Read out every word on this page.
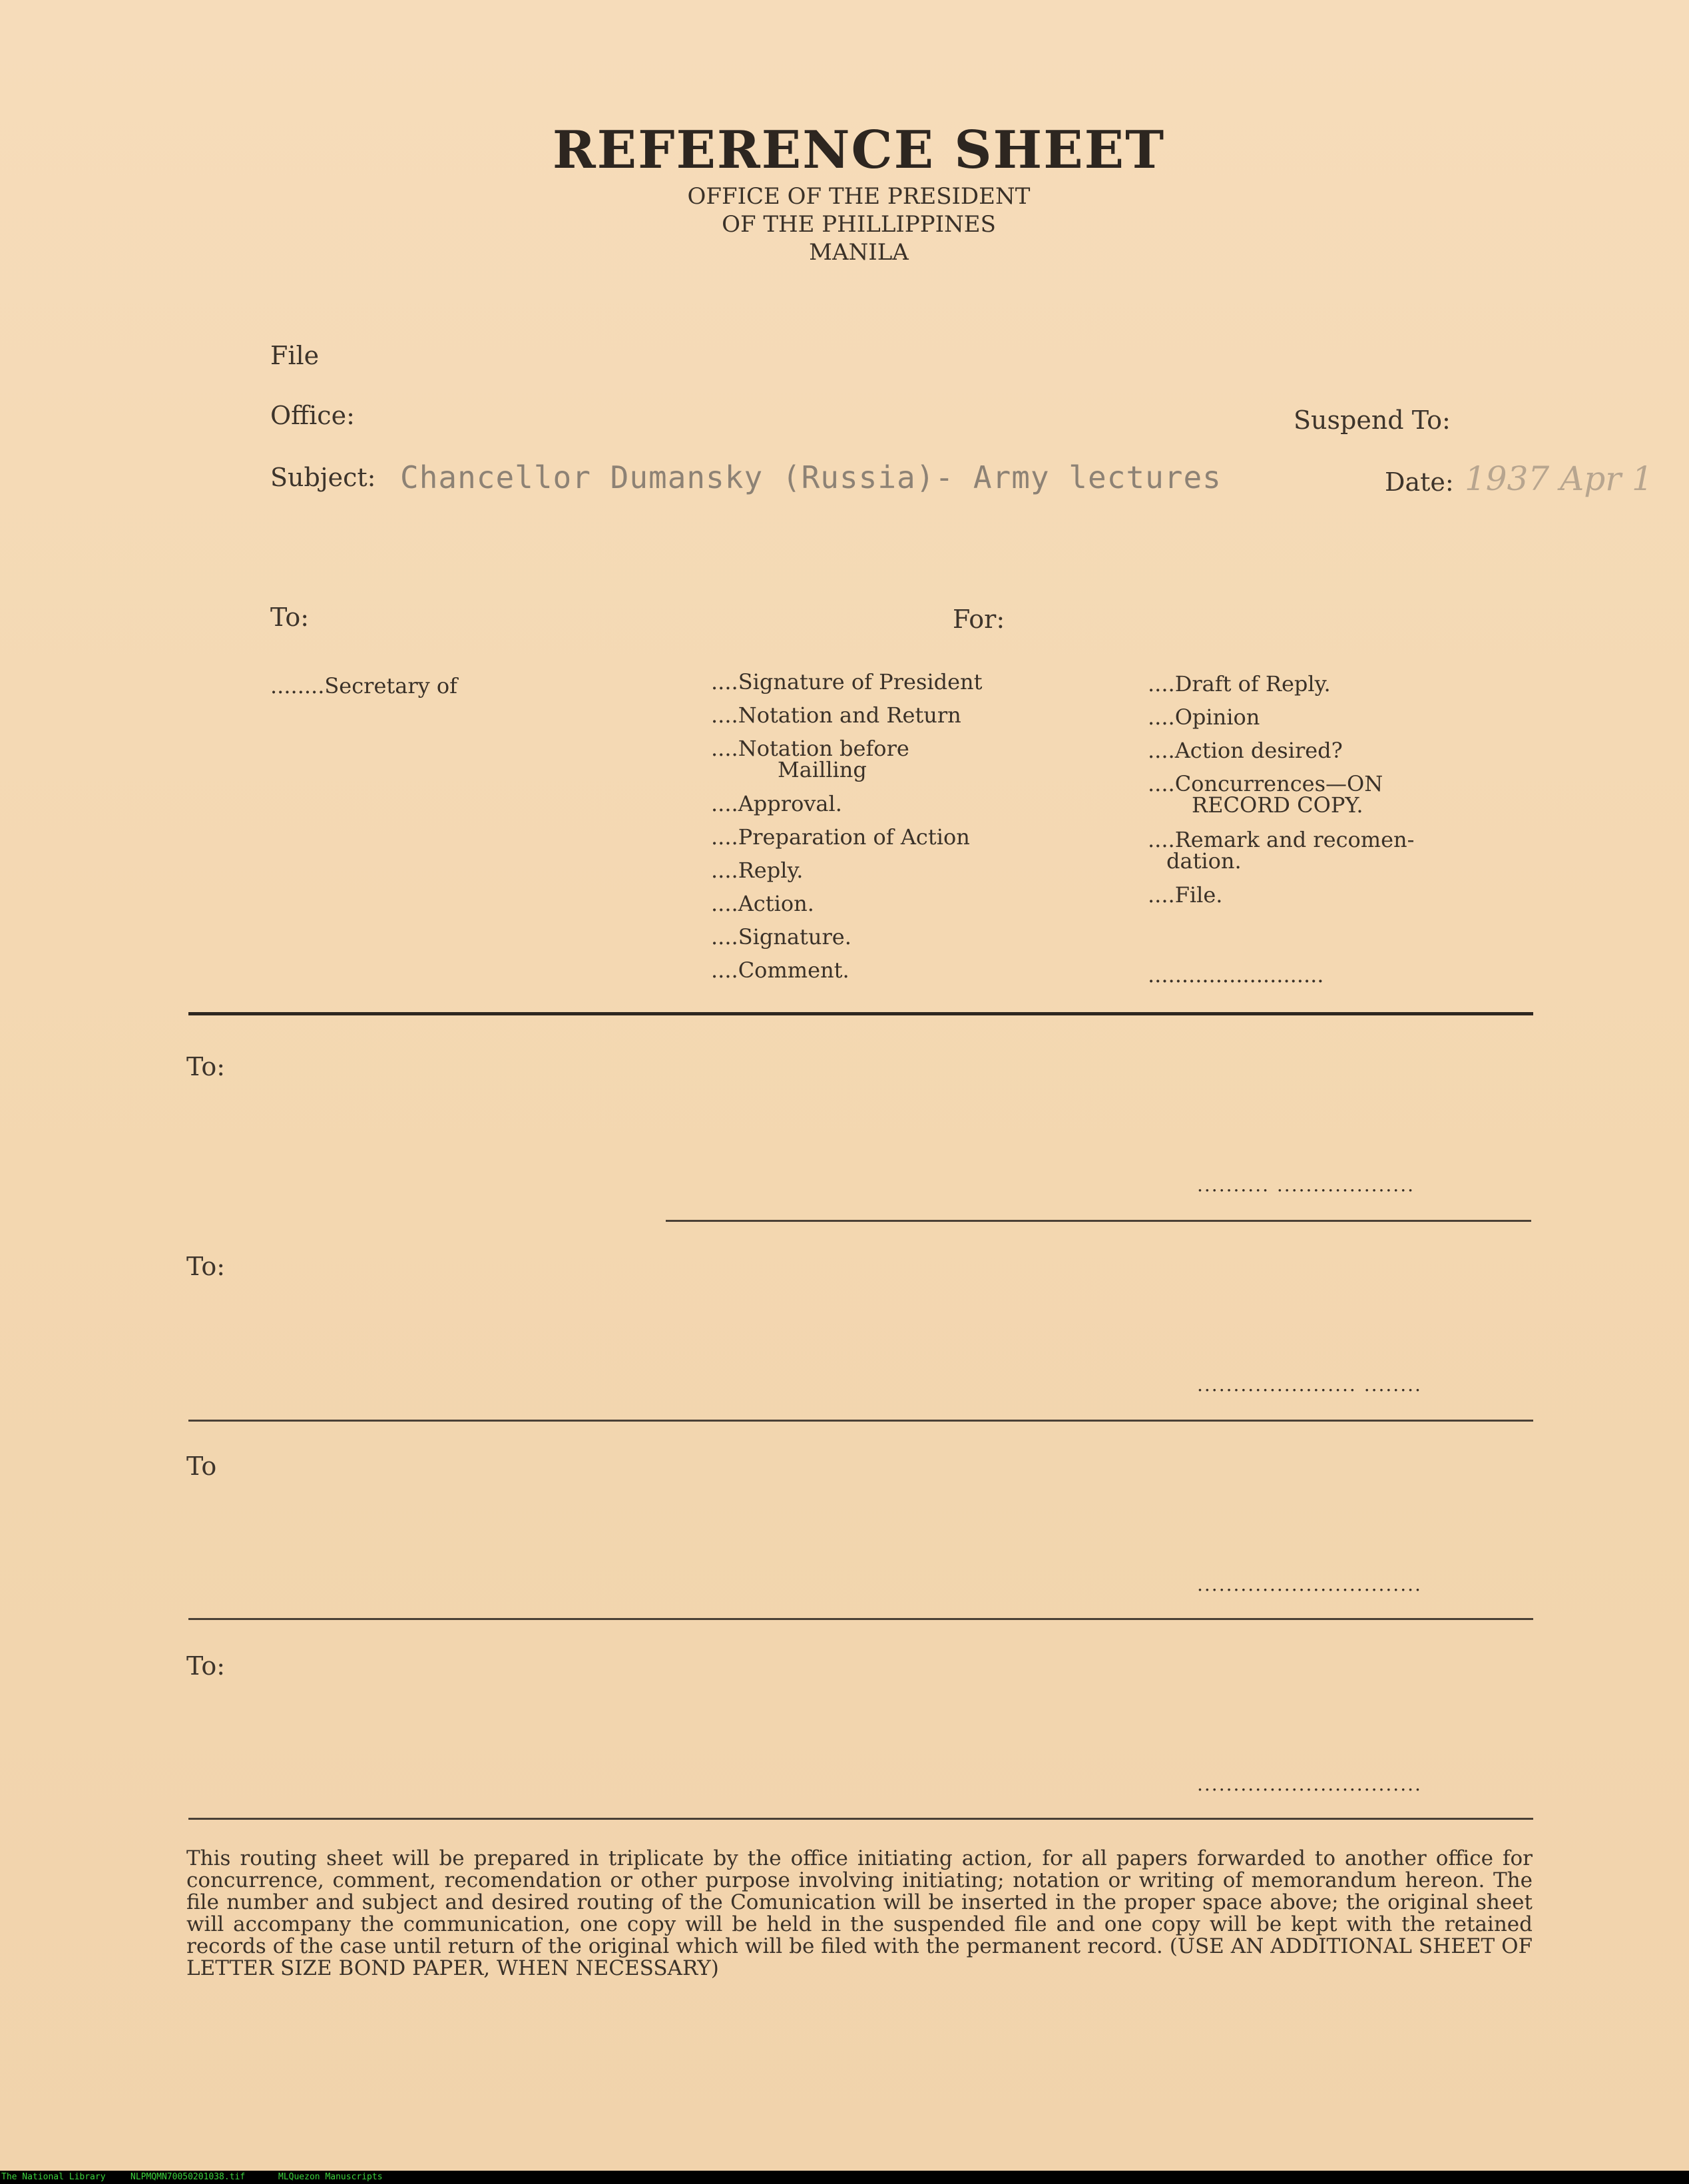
REFERENCE SHEET
OFFICE OF THE PRESIDENT
OF THE PHILLIPPINES
MANILA
File
Office:	Suspend To:
Subject: Chancellor Dumansky (Russia)- Army lectures	Date: 1937 Apr 1
To:	For:
........Secretary of	....Signature of President
....Notation and Return
....Notation before
Mailling
....Approval.
....Preparation of Action
....Reply.
....Action.
....Signature.
....Comment.
....Draft of Reply.
....Opinion
....Action desired?
....Concurrences—ON
RECORD COPY.
....Remark and recomen-
dation.
....File.
..........................
To:
.......... ...................
To:
...................... ........
To
...............................
To:
...............................
This routing sheet will be prepared in triplicate by the office initiating action, for all papers forwarded to another office for concurrence, comment, recomendation or other purpose involving initiating; notation or writing of memorandum hereon. The file number and subject and desired routing of the Comunication will be inserted in the proper space above; the original sheet will accompany the communication, one copy will be held in the suspended file and one copy will be kept with the retained records of the case until return of the original which will be filed with the permanent record. (USE AN ADDITIONAL SHEET OF LETTER SIZE BOND PAPER, WHEN NECESSARY)
The National Library	NLPMQMN70050201038.tif	MLQuezon Manuscripts
